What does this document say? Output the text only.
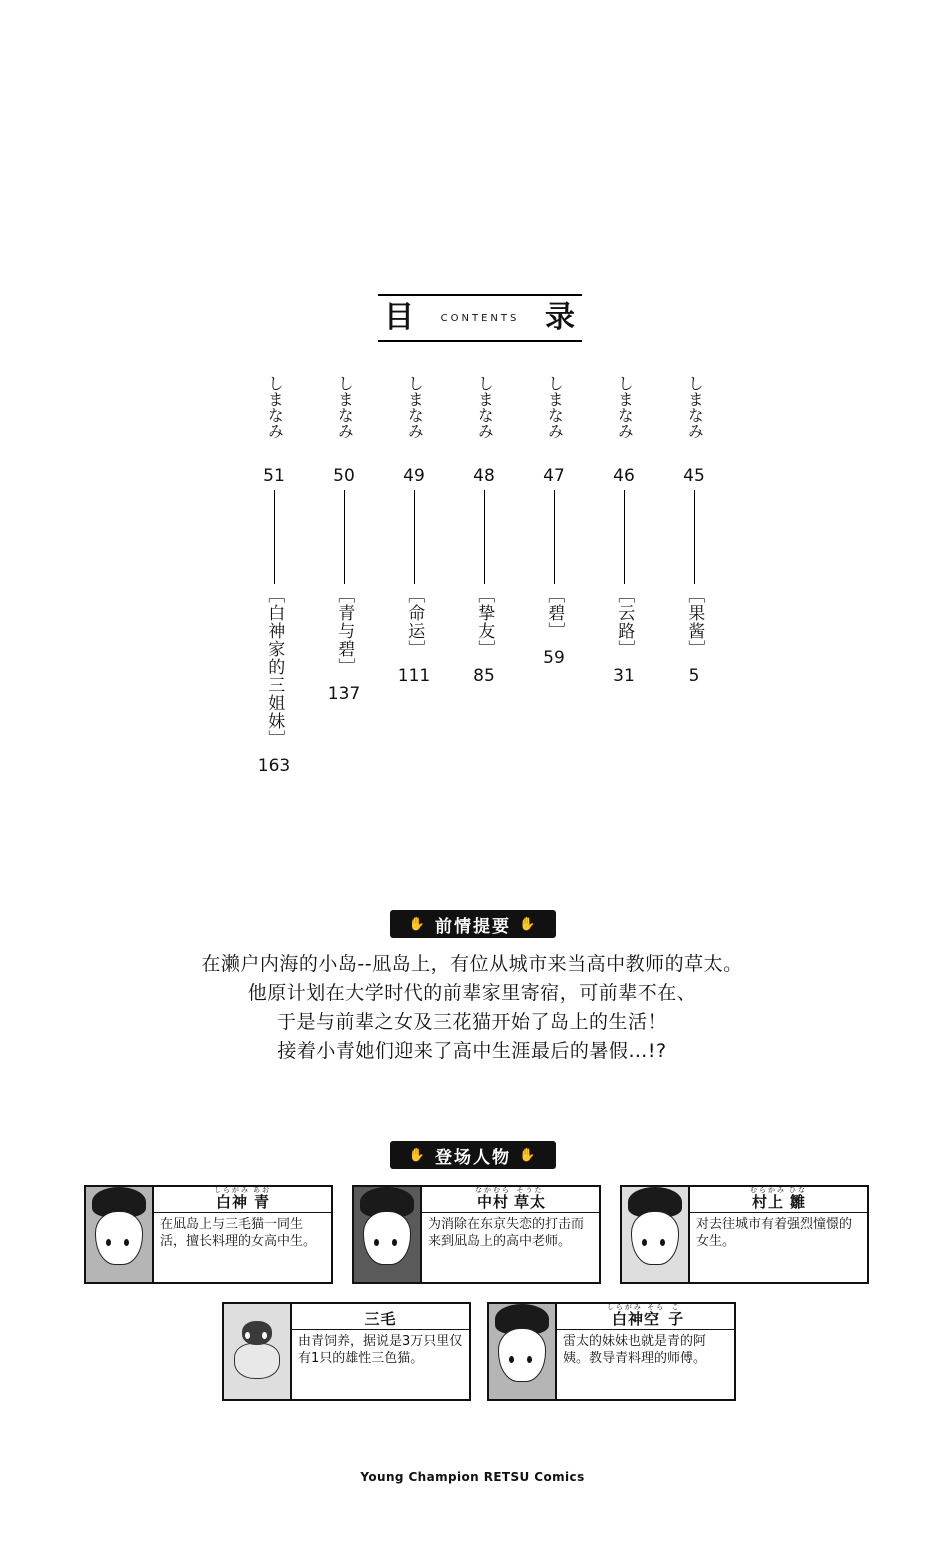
目	CONTENTS 录
しまなみ
51
［白神家的三姐妹］
163
しまなみ
50
［青与碧］
137
しまなみ
49
［命运］
111
しまなみ
48
［挚友］
85
しまなみ
47
［碧］
59
しまなみ
46
［云路］
31
しまなみ
45
［果酱］
5
✋ 前情提要 ✋
在濑户内海的小岛--凪岛上，有位从城市来当高中教师的草太。
他原计划在大学时代的前辈家里寄宿，可前辈不在、
于是与前辈之女及三花猫开始了岛上的生活！
接着小青她们迎来了高中生涯最后的暑假…!?
✋ 登场人物 ✋
しらがみ
白神
あお
青
在凪岛上与三毛猫一同生活，擅长料理的女高中生。
なかむら
中村
そうた
草太
为消除在东京失恋的打击而来到凪岛上的高中老师。
むらかみ
村上
ひな
雛
对去往城市有着强烈憧憬的女生。
三毛
由青饲养，据说是3万只里仅有1只的雄性三色猫。
しらがみ そら
白神空
こ
子
雷太的妹妹也就是青的阿姨。教导青料理的师傅。
Young Champion RETSU Comics
